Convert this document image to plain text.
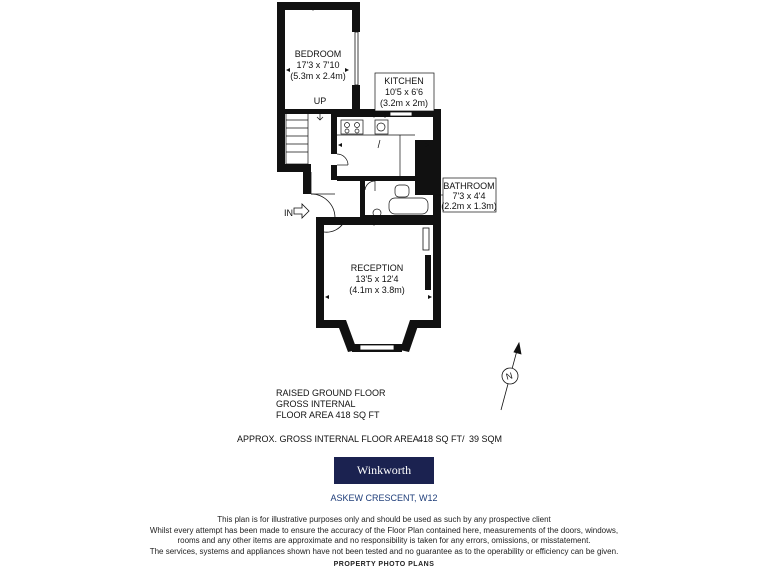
BEDROOM
17'3 x 7'10
(5.3m x 2.4m)
UP
KITCHEN
10'5 x 6'6
(3.2m x 2m)
BATHROOM
7'3 x 4'4
(2.2m x 1.3m)
RECEPTION
13'5 x 12'4
(4.1m x 3.8m)
IN
N
RAISED GROUND FLOOR
GROSS INTERNAL
FLOOR AREA 418 SQ FT
APPROX. GROSS INTERNAL FLOOR AREA:
418 SQ FT/ 39 SQM
Winkworth
ASKEW CRESCENT, W12
This plan is for illustrative purposes only and should be used as such by any prospective client
Whilst every attempt has been made to ensure the accuracy of the Floor Plan contained here, measurements of the doors, windows,
rooms and any other items are approximate and no responsibility is taken for any errors, omissions, or misstatement.
The services, systems and appliances shown have not been tested and no guarantee as to the operability or efficiency can be given.
PROPERTY PHOTO PLANS
